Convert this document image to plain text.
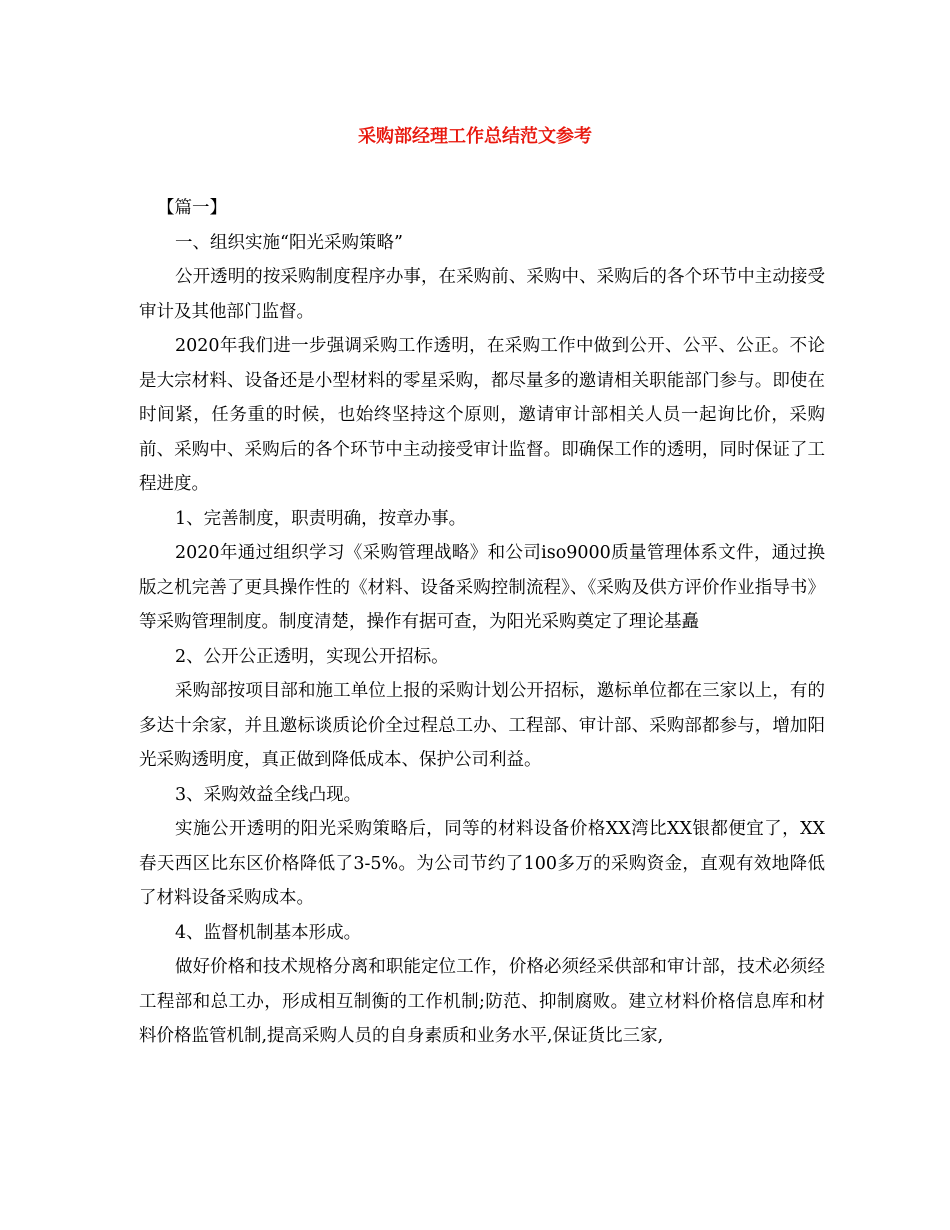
采购部经理工作总结范文参考

【篇一】

一、组织实施“阳光采购策略”

公开透明的按采购制度程序办事，在采购前、采购中、采购后的各个环节中主动接受审计及其他部门监督。

2020年我们进一步强调采购工作透明，在采购工作中做到公开、公平、公正。不论是大宗材料、设备还是小型材料的零星采购，都尽量多的邀请相关职能部门参与。即使在时间紧，任务重的时候，也始终坚持这个原则，邀请审计部相关人员一起询比价，采购前、采购中、采购后的各个环节中主动接受审计监督。即确保工作的透明，同时保证了工程进度。

1、完善制度，职责明确，按章办事。

2020年通过组织学习《采购管理战略》和公司iso9000质量管理体系文件，通过换版之机完善了更具操作性的《材料、设备采购控制流程》、《采购及供方评价作业指导书》等采购管理制度。制度清楚，操作有据可查，为阳光采购奠定了理论基矗

2、公开公正透明，实现公开招标。

采购部按项目部和施工单位上报的采购计划公开招标，邀标单位都在三家以上，有的多达十余家，并且邀标谈质论价全过程总工办、工程部、审计部、采购部都参与，增加阳光采购透明度，真正做到降低成本、保护公司利益。

3、采购效益全线凸现。

实施公开透明的阳光采购策略后，同等的材料设备价格XX湾比XX银都便宜了，XX春天西区比东区价格降低了3-5%。为公司节约了100多万的采购资金，直观有效地降低了材料设备采购成本。

4、监督机制基本形成。

做好价格和技术规格分离和职能定位工作，价格必须经采供部和审计部，技术必须经工程部和总工办，形成相互制衡的工作机制;防范、抑制腐败。建立材料价格信息库和材料价格监管机制,提高采购人员的自身素质和业务水平,保证货比三家,
